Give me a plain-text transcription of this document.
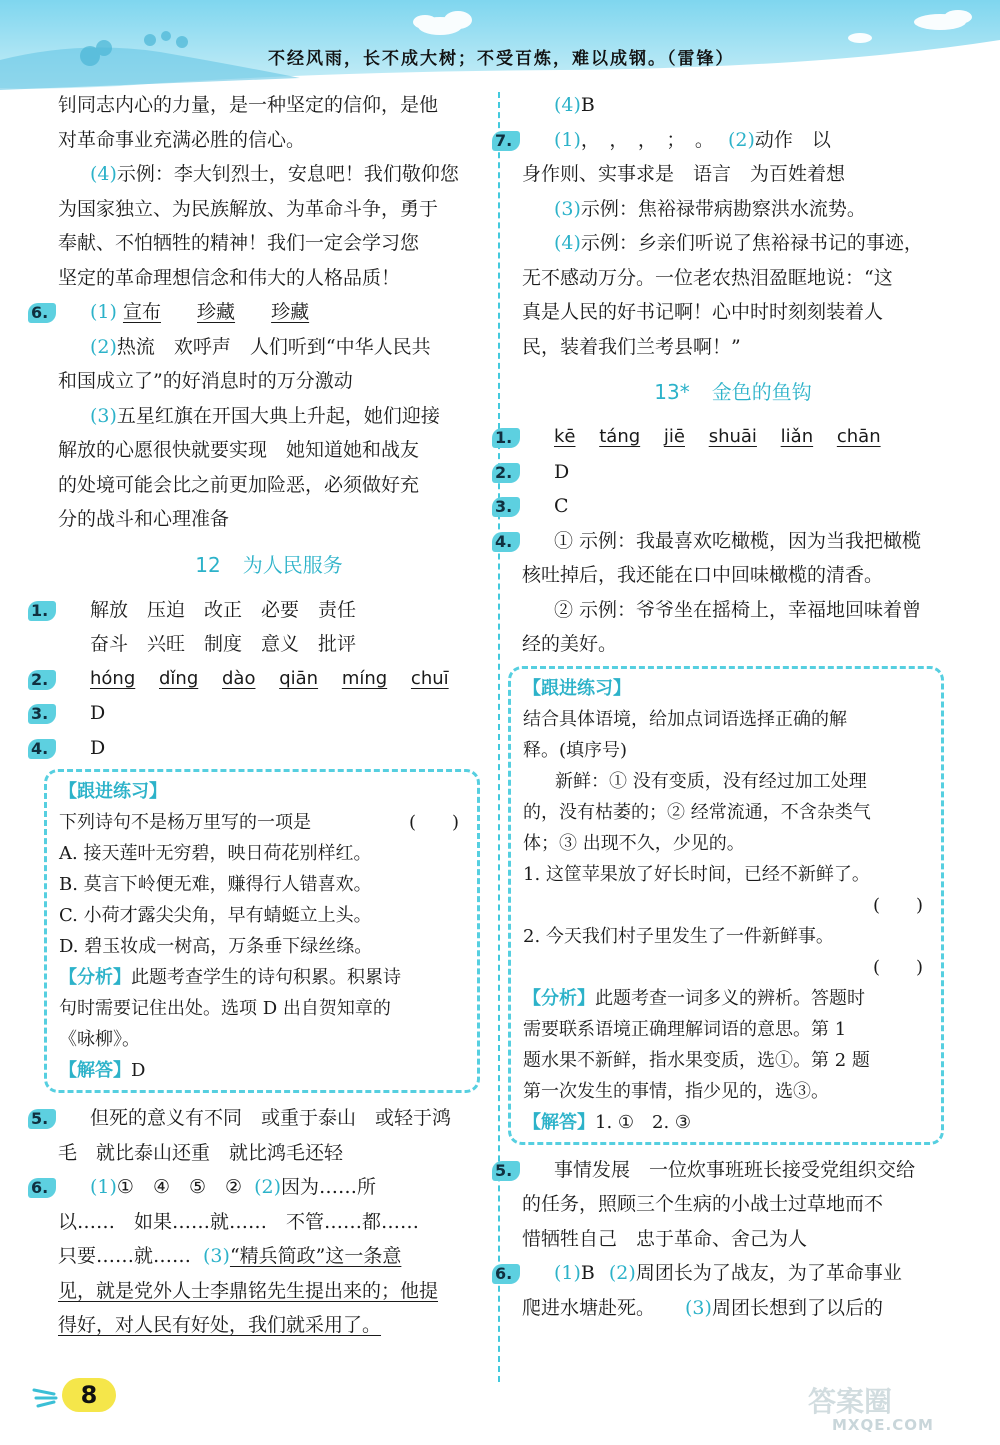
不经风雨，长不成大树；不受百炼，难以成钢。（雷锋）
钊同志内心的力量，是一种坚定的信仰，是他
对革命事业充满必胜的信心。
(4)示例：李大钊烈士，安息吧！我们敬仰您
为国家独立、为民族解放、为革命斗争，勇于
奉献、不怕牺牲的精神！我们一定会学习您
坚定的革命理想信念和伟大的人格品质！
6.	(1) 宣布 珍藏 珍藏
(2)热流　欢呼声　人们听到“中华人民共
和国成立了”的好消息时的万分激动
(3)五星红旗在开国大典上升起，她们迎接
解放的心愿很快就要实现　她知道她和战友
的处境可能会比之前更加险恶，必须做好充
分的战斗和心理准备
12 为人民服务
1.	解放　压迫　改正　必要　责任
奋斗　兴旺　制度　意义　批评
2.	hóng dǐng dào qiān míng chuī
3.	D
4.	D
【跟进练习】
下列诗句不是杨万里写的一项是	(　　)
A. 接天莲叶无穷碧，映日荷花别样红。
B. 莫言下岭便无难，赚得行人错喜欢。
C. 小荷才露尖尖角，早有蜻蜓立上头。
D. 碧玉妆成一树高，万条垂下绿丝绦。
【分析】此题考查学生的诗句积累。积累诗
句时需要记住出处。选项 D 出自贺知章的
《咏柳》。
【解答】D
5.	但死的意义有不同　或重于泰山　或轻于鸿
毛　就比泰山还重　就比鸿毛还轻
6.	(1)①　④　⑤　② (2)因为……所
以……　如果……就……　不管……都……
只要……就…… (3)“精兵简政”这一条意
见，就是党外人士李鼎铭先生提出来的；他提
得好，对人民有好处，我们就采用了。
(4)B
7.	(1)，　，　，　；　。 (2)动作　以
身作则、实事求是　语言　为百姓着想
(3)示例：焦裕禄带病勘察洪水流势。
(4)示例：乡亲们听说了焦裕禄书记的事迹，
无不感动万分。一位老农热泪盈眶地说：“这
真是人民的好书记啊！心中时时刻刻装着人
民，装着我们兰考县啊！”
13* 金色的鱼钩
1.	kē táng jiē shuāi liǎn chān
2.	D
3.	C
4.	① 示例：我最喜欢吃橄榄，因为当我把橄榄
核吐掉后，我还能在口中回味橄榄的清香。
② 示例：爷爷坐在摇椅上，幸福地回味着曾
经的美好。
【跟进练习】
结合具体语境，给加点词语选择正确的解
释。(填序号)
新鲜：① 没有变质，没有经过加工处理
的，没有枯萎的；② 经常流通，不含杂类气
体；③ 出现不久，少见的。
1. 这筐苹果放了好长时间，已经不新鲜了。
(　　)
2. 今天我们村子里发生了一件新鲜事。
(　　)
【分析】此题考查一词多义的辨析。答题时
需要联系语境正确理解词语的意思。第 1
题水果不新鲜，指水果变质，选①。第 2 题
第一次发生的事情，指少见的，选③。
【解答】1. ①　2. ③
5.	事情发展　一位炊事班班长接受党组织交给
的任务，照顾三个生病的小战士过草地而不
惜牺牲自己　忠于革命、舍己为人
6.	(1)B (2)周团长为了战友，为了革命事业
爬进水塘赴死。 (3)周团长想到了以后的
8	答案圈
MXQE.COM
